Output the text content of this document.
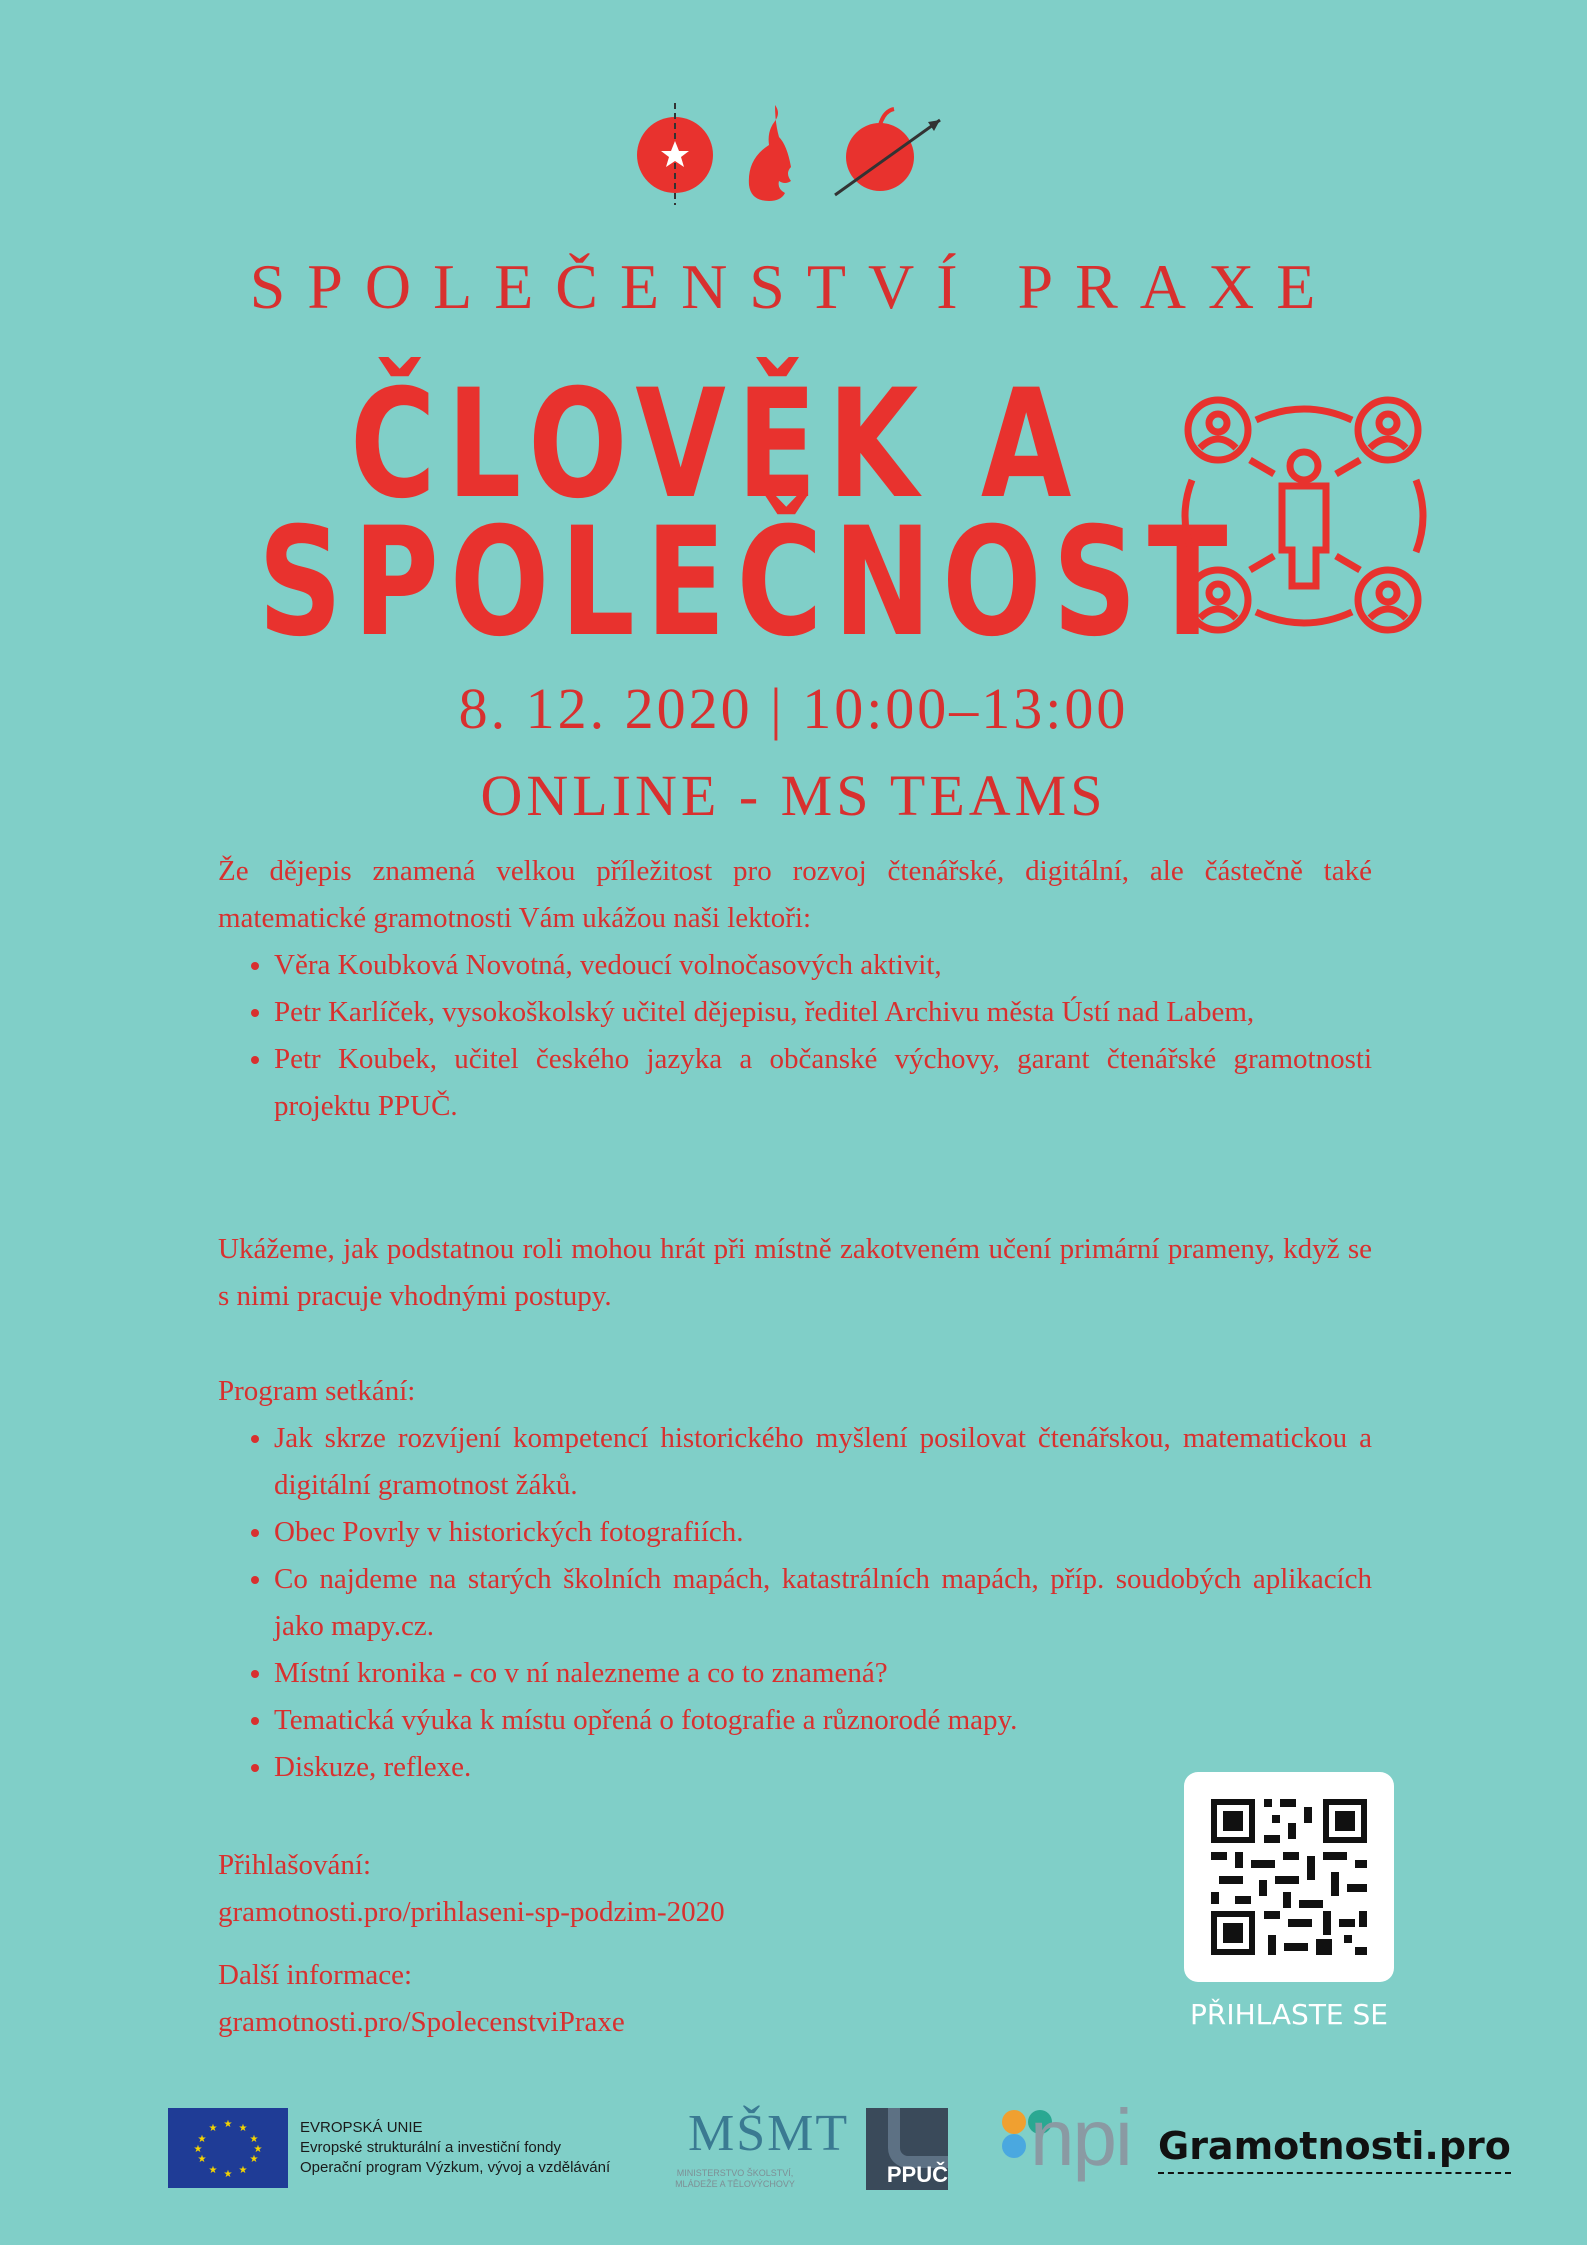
SPOLEČENSTVÍ PRAXE
ČLOVĚK A
SPOLEČNOST
8. 12. 2020 | 10:00–13:00
ONLINE - MS TEAMS

Že dějepis znamená velkou příležitost pro rozvoj čtenářské, digitální, ale částečně také matematické gramotnosti Vám ukážou naši lektoři:

• Věra Koubková Novotná, vedoucí volnočasových aktivit,
• Petr Karlíček, vysokoškolský učitel dějepisu, ředitel Archivu města Ústí nad Labem,
• Petr Koubek, učitel českého jazyka a občanské výchovy, garant čtenářské gramotnosti projektu PPUČ.

Ukážeme, jak podstatnou roli mohou hrát při místně zakotveném učení primární prameny, když se s nimi pracuje vhodnými postupy.

Program setkání:

• Jak skrze rozvíjení kompetencí historického myšlení posilovat čtenářskou, matematickou a digitální gramotnost žáků.
• Obec Povrly v historických fotografiích.
• Co najdeme na starých školních mapách, katastrálních mapách, příp. soudobých aplikacích jako mapy.cz.
• Místní kronika - co v ní nalezneme a co to znamená?
• Tematická výuka k místu opřená o fotografie a různorodé mapy.
• Diskuze, reflexe.
Přihlašování:
gramotnosti.pro/prihlaseni-sp-podzim-2020
Další informace:
gramotnosti.pro/SpolecenstviPraxe	PŘIHLASTE SE
★ ★
★
★
★
★
★
★
★
★
★
★	EVROPSKÁ UNIE
Evropské strukturální a investiční fondy
Operační program Výzkum, vývoj a vzdělávání
MŠMT
MINISTERSTVO ŠKOLSTVÍ,
MLÁDEŽE A TĚLOVÝCHOVY	PPUČ npi Gramotnosti.pro
